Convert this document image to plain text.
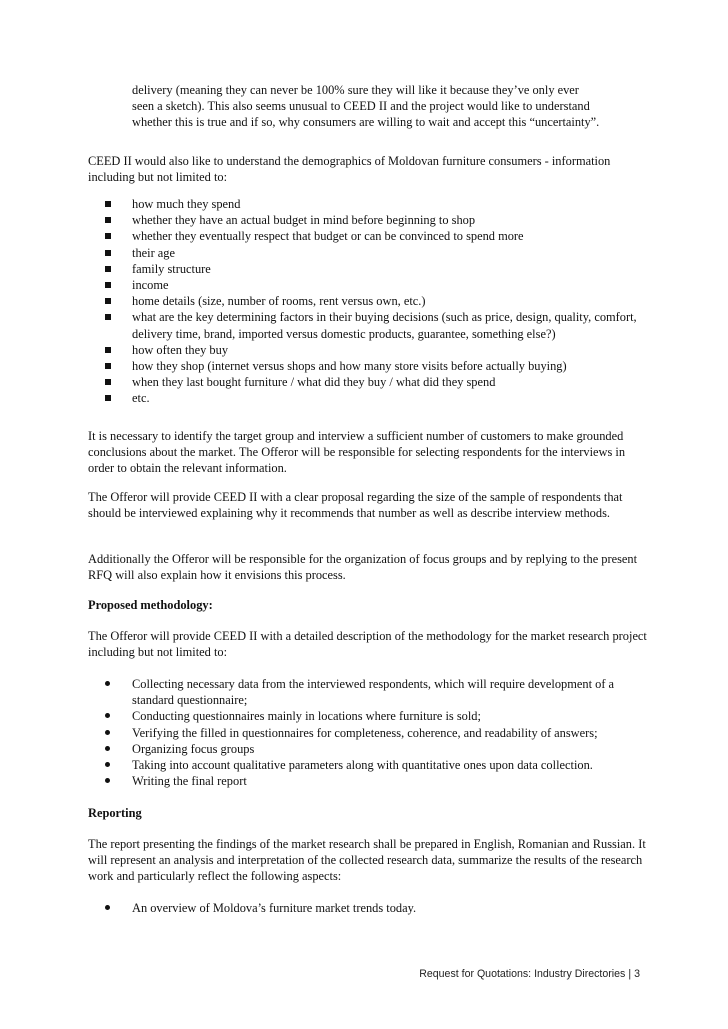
delivery (meaning they can never be 100% sure they will like it because they’ve only ever
seen a sketch). This also seems unusual to CEED II and the project would like to understand
whether this is true and if so, why consumers are willing to wait and accept this “uncertainty”.

CEED II would also like to understand the demographics of Moldovan furniture consumers - information including but not limited to:

how much they spend
whether they have an actual budget in mind before beginning to shop
whether they eventually respect that budget or can be convinced to spend more
their age
family structure
income
home details (size, number of rooms, rent versus own, etc.)
what are the key determining factors in their buying decisions (such as price, design, quality, comfort, delivery time, brand, imported versus domestic products, guarantee, something else?)
how often they buy
how they shop (internet versus shops and how many store visits before actually buying)
when they last bought furniture / what did they buy / what did they spend
etc.

It is necessary to identify the target group and interview a sufficient number of customers to make grounded conclusions about the market. The Offeror will be responsible for selecting respondents for the interviews in order to obtain the relevant information.

The Offeror will provide CEED II with a clear proposal regarding the size of the sample of respondents that should be interviewed explaining why it recommends that number as well as describe interview methods.

Additionally the Offeror will be responsible for the organization of focus groups and by replying to the present RFQ will also explain how it envisions this process.

Proposed methodology:

The Offeror will provide CEED II with a detailed description of the methodology for the market research project including but not limited to:

Collecting necessary data from the interviewed respondents, which will require development of a standard questionnaire;
Conducting questionnaires mainly in locations where furniture is sold;
Verifying the filled in questionnaires for completeness, coherence, and readability of answers;
Organizing focus groups
Taking into account qualitative parameters along with quantitative ones upon data collection.
Writing the final report

Reporting

The report presenting the findings of the market research shall be prepared in English, Romanian and Russian. It will represent an analysis and interpretation of the collected research data, summarize the results of the research work and particularly reflect the following aspects:

An overview of Moldova’s furniture market trends today.
Request for Quotations: Industry Directories | 3
